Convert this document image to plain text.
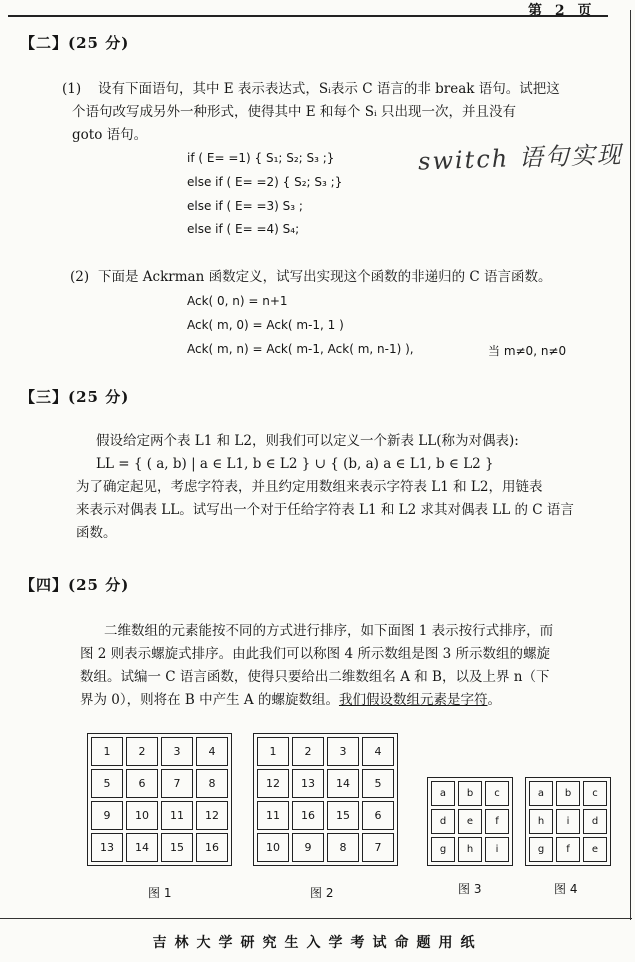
第 2 页
【二】(25 分)
(1) 设有下面语句，其中 E 表示表达式，Sᵢ表示 C 语言的非 break 语句。试把这
个语句改写成另外一种形式，使得其中 E 和每个 Sᵢ 只出现一次，并且没有
goto 语句。
if ( E= =1) { S₁; S₂; S₃ ;}
else if ( E= =2) { S₂; S₃ ;}
else if ( E= =3) S₃ ;
else if ( E= =4) S₄;
switch 语句实现
(2) 下面是 Ackrman 函数定义，试写出实现这个函数的非递归的 C 语言函数。
Ack( 0, n) = n+1
Ack( m, 0) = Ack( m-1, 1 )
Ack( m, n) = Ack( m-1, Ack( m, n-1) ),	当 m≠0, n≠0
【三】(25 分)
假设给定两个表 L1 和 L2，则我们可以定义一个新表 LL(称为对偶表):
LL = { ( a, b) | a ∈ L1, b ∈ L2 } ∪ { (b, a) a ∈ L1, b ∈ L2 }
为了确定起见，考虑字符表，并且约定用数组来表示字符表 L1 和 L2，用链表
来表示对偶表 LL。试写出一个对于任给字符表 L1 和 L2 求其对偶表 LL 的 C 语言
函数。
【四】(25 分)
二维数组的元素能按不同的方式进行排序，如下面图 1 表示按行式排序，而
图 2 则表示螺旋式排序。由此我们可以称图 4 所示数组是图 3 所示数组的螺旋
数组。试编一 C 语言函数，使得只要给出二维数组名 A 和 B，以及上界 n（下
界为 0），则将在 B 中产生 A 的螺旋数组。我们假设数组元素是字符。
1	2	3	4
5	6	7	8
9	10	11	12
13	14	15	16
图 1
1	2	3	4
12	13	14	5
11	16	15	6
10	9	8	7
图 2
a	b	c
d	e	f
g	h	i
图 3
a	b	c
h	i	d
g	f	e
图 4
吉林大学研究生入学考试命题用纸
